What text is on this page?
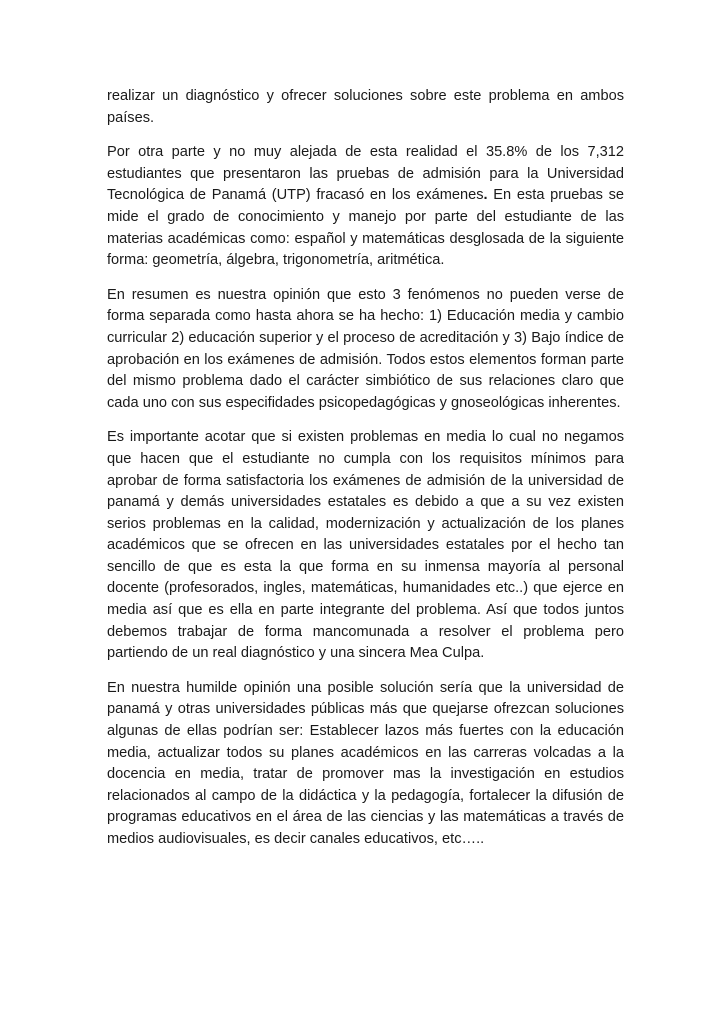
realizar un diagnóstico y ofrecer soluciones sobre este problema en ambos países.

Por otra parte y no muy alejada de esta realidad el 35.8% de los 7,312 estudiantes que presentaron las pruebas de admisión para la Universidad Tecnológica de Panamá (UTP) fracasó en los exámenes. En esta pruebas se mide el grado de conocimiento y manejo por parte del estudiante de las materias académicas como: español y matemáticas desglosada de la siguiente forma: geometría, álgebra, trigonometría, aritmética.

En resumen es nuestra opinión que esto 3 fenómenos no pueden verse de forma separada como hasta ahora se ha hecho: 1) Educación media y cambio curricular 2) educación superior y el proceso de acreditación y 3) Bajo índice de aprobación en los exámenes de admisión. Todos estos elementos forman parte del mismo problema dado el carácter simbiótico de sus relaciones claro que cada uno con sus especifidades psicopedagógicas y gnoseológicas inherentes.

Es importante acotar que si existen problemas en media lo cual no negamos que hacen que el estudiante no cumpla con los requisitos mínimos para aprobar de forma satisfactoria los exámenes de admisión de la universidad de panamá y demás universidades estatales es debido a que a su vez existen serios problemas en la calidad, modernización y actualización de los planes académicos que se ofrecen en las universidades estatales por el hecho tan sencillo de que es esta la que forma en su inmensa mayoría al personal docente (profesorados, ingles, matemáticas, humanidades etc..) que ejerce en media así que es ella en parte integrante del problema. Así que todos juntos debemos trabajar de forma mancomunada a resolver el problema pero partiendo de un real diagnóstico y una sincera Mea Culpa.

En nuestra humilde opinión una posible solución sería que la universidad de panamá y otras universidades públicas más que quejarse ofrezcan soluciones algunas de ellas podrían ser: Establecer lazos más fuertes con la educación media, actualizar todos su planes académicos en las carreras volcadas a la docencia en media, tratar de promover mas la investigación en estudios relacionados al campo de la didáctica y la pedagogía, fortalecer la difusión de programas educativos en el área de las ciencias y las matemáticas a través de medios audiovisuales, es decir canales educativos, etc…..
